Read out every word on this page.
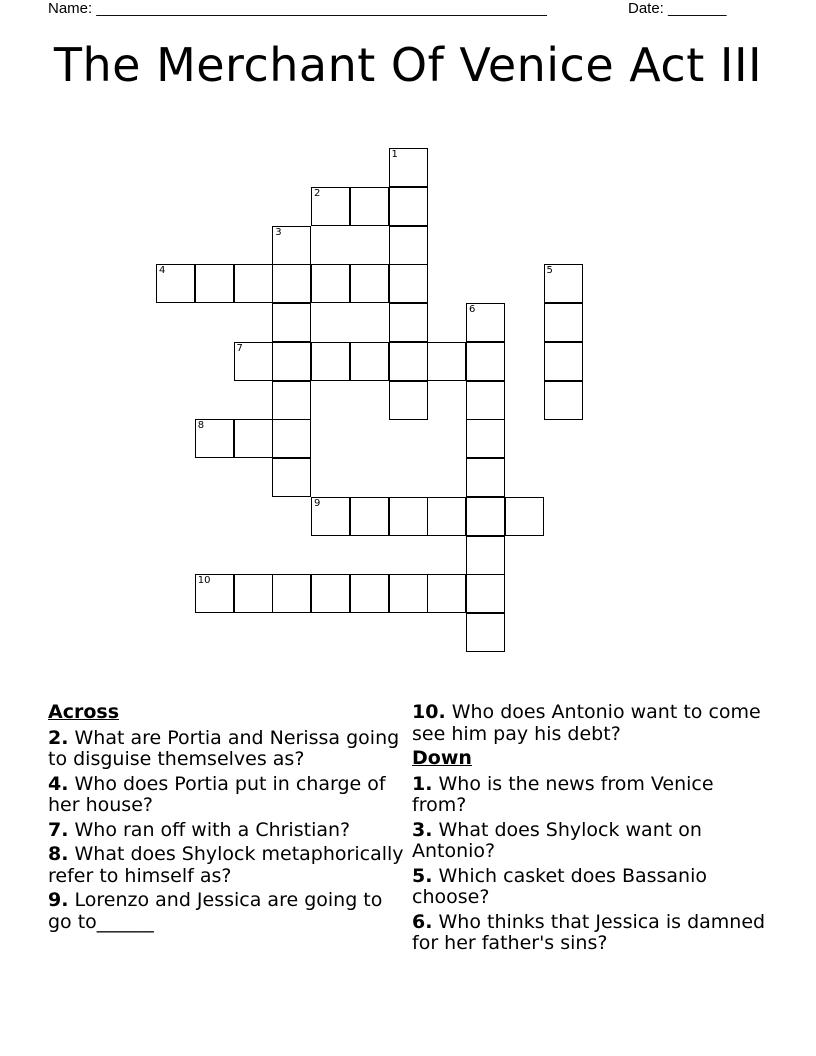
Name: ______________________________________________________	Date: _______
The Merchant Of Venice Act III
1
2
3
4	5
6
7
8
9
10
Across
2. What are Portia and Nerissa going to disguise themselves as?
4. Who does Portia put in charge of her house?
7. Who ran off with a Christian?
8. What does Shylock metaphorically refer to himself as?
9. Lorenzo and Jessica are going to go to______
10. Who does Antonio want to come see him pay his debt?
Down
1. Who is the news from Venice from?
3. What does Shylock want on Antonio?
5. Which casket does Bassanio choose?
6. Who thinks that Jessica is damned for her father's sins?
